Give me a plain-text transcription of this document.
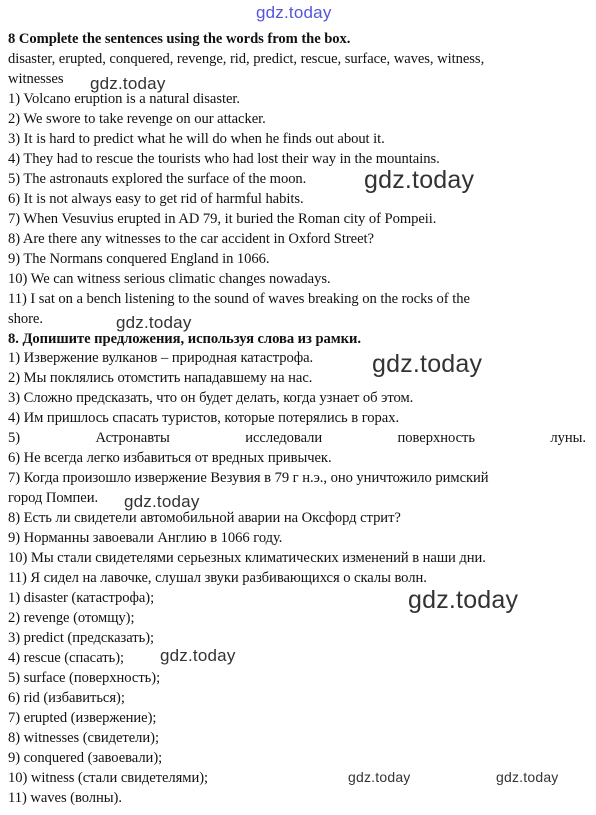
8 Complete the sentences using the words from the box.
disaster, erupted, conquered, revenge, rid, predict, rescue, surface, waves, witness,
witnesses
1) Volcano eruption is a natural disaster.
2) We swore to take revenge on our attacker.
3) It is hard to predict what he will do when he finds out about it.
4) They had to rescue the tourists who had lost their way in the mountains.
5) The astronauts explored the surface of the moon.
6) It is not always easy to get rid of harmful habits.
7) When Vesuvius erupted in AD 79, it buried the Roman city of Pompeii.
8) Are there any witnesses to the car accident in Oxford Street?
9) The Normans conquered England in 1066.
10) We can witness serious climatic changes nowadays.
11) I sat on a bench listening to the sound of waves breaking on the rocks of the
shore.
8. Допишите предложения, используя слова из рамки.
1) Извержение вулканов – природная катастрофа.
2) Мы поклялись отомстить нападавшему на нас.
3) Сложно предсказать, что он будет делать, когда узнает об этом.
4) Им пришлось спасать туристов, которые потерялись в горах.
5)	Астронавты	исследовали	поверхность	луны.
6) Не всегда легко избавиться от вредных привычек.
7) Когда произошло извержение Везувия в 79 г н.э., оно уничтожило римский
город Помпеи.
8) Есть ли свидетели автомобильной аварии на Оксфорд стрит?
9) Норманны завоевали Англию в 1066 году.
10) Мы стали свидетелями серьезных климатических изменений в наши дни.
11) Я сидел на лавочке, слушал звуки разбивающихся о скалы волн.
1) disaster (катастрофа);
2) revenge (отомщу);
3) predict (предсказать);
4) rescue (спасать);
5) surface (поверхность);
6) rid (избавиться);
7) erupted (извержение);
8) witnesses (свидетели);
9) conquered (завоевали);
10) witness (стали свидетелями);
11) waves (волны).
gdz.today
gdz.today
gdz.today
gdz.today
gdz.today
gdz.today
gdz.today
gdz.today
gdz.today	gdz.today
